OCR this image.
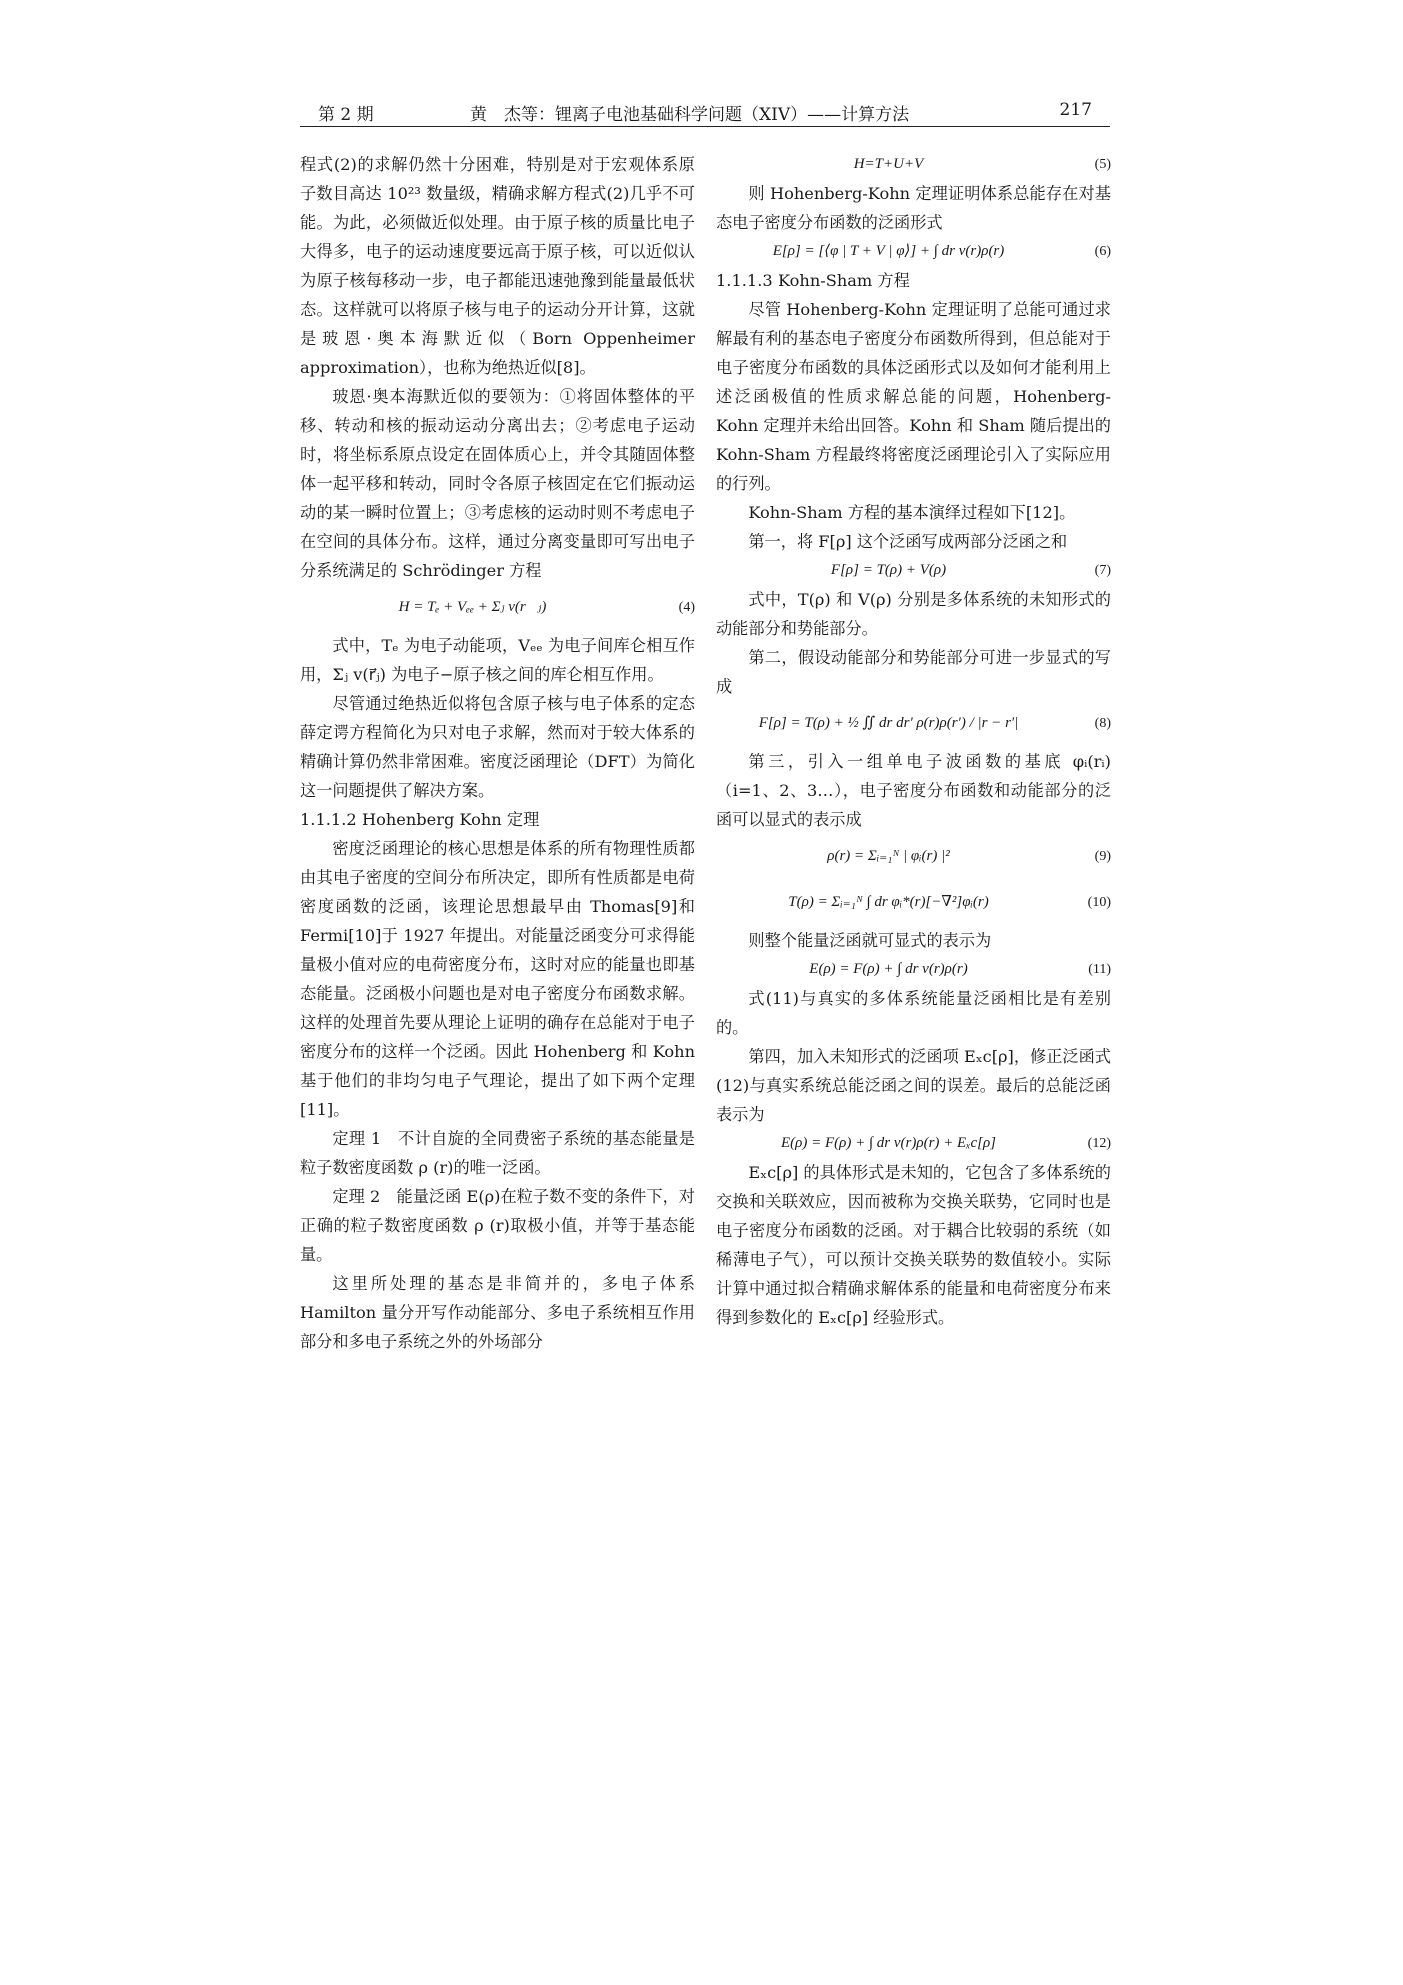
第 2 期	黄　杰等：锂离子电池基础科学问题（XIV）——计算方法	217

程式(2)的求解仍然十分困难，特别是对于宏观体系原子数目高达 10²³ 数量级，精确求解方程式(2)几乎不可能。为此，必须做近似处理。由于原子核的质量比电子大得多，电子的运动速度要远高于原子核，可以近似认为原子核每移动一步，电子都能迅速弛豫到能量最低状态。这样就可以将原子核与电子的运动分开计算，这就是玻恩·奥本海默近似（Born Oppenheimer approximation），也称为绝热近似[8]。

玻恩·奥本海默近似的要领为：①将固体整体的平移、转动和核的振动运动分离出去；②考虑电子运动时，将坐标系原点设定在固体质心上，并令其随固体整体一起平移和转动，同时令各原子核固定在它们振动运动的某一瞬时位置上；③考虑核的运动时则不考虑电子在空间的具体分布。这样，通过分离变量即可写出电子分系统满足的 Schrödinger 方程

H = Tₑ + Vₑₑ + Σⱼ v(r⃗ⱼ)	(4)

式中，Tₑ 为电子动能项，Vₑₑ 为电子间库仑相互作用，Σⱼ v(r⃗ⱼ) 为电子−原子核之间的库仑相互作用。

尽管通过绝热近似将包含原子核与电子体系的定态薛定谔方程简化为只对电子求解，然而对于较大体系的精确计算仍然非常困难。密度泛函理论（DFT）为简化这一问题提供了解决方案。

1.1.1.2 Hohenberg Kohn 定理

密度泛函理论的核心思想是体系的所有物理性质都由其电子密度的空间分布所决定，即所有性质都是电荷密度函数的泛函，该理论思想最早由 Thomas[9]和 Fermi[10]于 1927 年提出。对能量泛函变分可求得能量极小值对应的电荷密度分布，这时对应的能量也即基态能量。泛函极小问题也是对电子密度分布函数求解。这样的处理首先要从理论上证明的确存在总能对于电子密度分布的这样一个泛函。因此 Hohenberg 和 Kohn 基于他们的非均匀电子气理论，提出了如下两个定理[11]。

定理 1　不计自旋的全同费密子系统的基态能量是粒子数密度函数 ρ (r)的唯一泛函。

定理 2　能量泛函 E(ρ)在粒子数不变的条件下，对正确的粒子数密度函数 ρ (r)取极小值，并等于基态能量。

这里所处理的基态是非简并的，多电子体系 Hamilton 量分开写作动能部分、多电子系统相互作用部分和多电子系统之外的外场部分

H=T+U+V	(5)

则 Hohenberg-Kohn 定理证明体系总能存在对基态电子密度分布函数的泛函形式

E[ρ] = [⟨φ | T + V | φ⟩] + ∫ dr v(r)ρ(r)	(6)

1.1.1.3 Kohn-Sham 方程

尽管 Hohenberg-Kohn 定理证明了总能可通过求解最有利的基态电子密度分布函数所得到，但总能对于电子密度分布函数的具体泛函形式以及如何才能利用上述泛函极值的性质求解总能的问题，Hohenberg-Kohn 定理并未给出回答。Kohn 和 Sham 随后提出的 Kohn-Sham 方程最终将密度泛函理论引入了实际应用的行列。

Kohn-Sham 方程的基本演绎过程如下[12]。

第一，将 F[ρ] 这个泛函写成两部分泛函之和

F[ρ] = T(ρ) + V(ρ)	(7)

式中，T(ρ) 和 V(ρ) 分别是多体系统的未知形式的动能部分和势能部分。

第二，假设动能部分和势能部分可进一步显式的写成

F[ρ] = T(ρ) + ½ ∬ dr dr′ ρ(r)ρ(r′) / |r − r′|	(8)

第三，引入一组单电子波函数的基底 φᵢ(rᵢ)（i=1、2、3…），电子密度分布函数和动能部分的泛函可以显式的表示成

ρ(r) = Σᵢ₌₁ᴺ | φᵢ(r) |²	(9)
T(ρ) = Σᵢ₌₁ᴺ ∫ dr φᵢ*(r)[−∇²]φᵢ(r)	(10)

则整个能量泛函就可显式的表示为

E(ρ) = F(ρ) + ∫ dr v(r)ρ(r)	(11)

式(11)与真实的多体系统能量泛函相比是有差别的。

第四，加入未知形式的泛函项 Eₓc[ρ]，修正泛函式(12)与真实系统总能泛函之间的误差。最后的总能泛函表示为

E(ρ) = F(ρ) + ∫ dr v(r)ρ(r) + Eₓc[ρ]	(12)

Eₓc[ρ] 的具体形式是未知的，它包含了多体系统的交换和关联效应，因而被称为交换关联势，它同时也是电子密度分布函数的泛函。对于耦合比较弱的系统（如稀薄电子气），可以预计交换关联势的数值较小。实际计算中通过拟合精确求解体系的能量和电荷密度分布来得到参数化的 Eₓc[ρ] 经验形式。
